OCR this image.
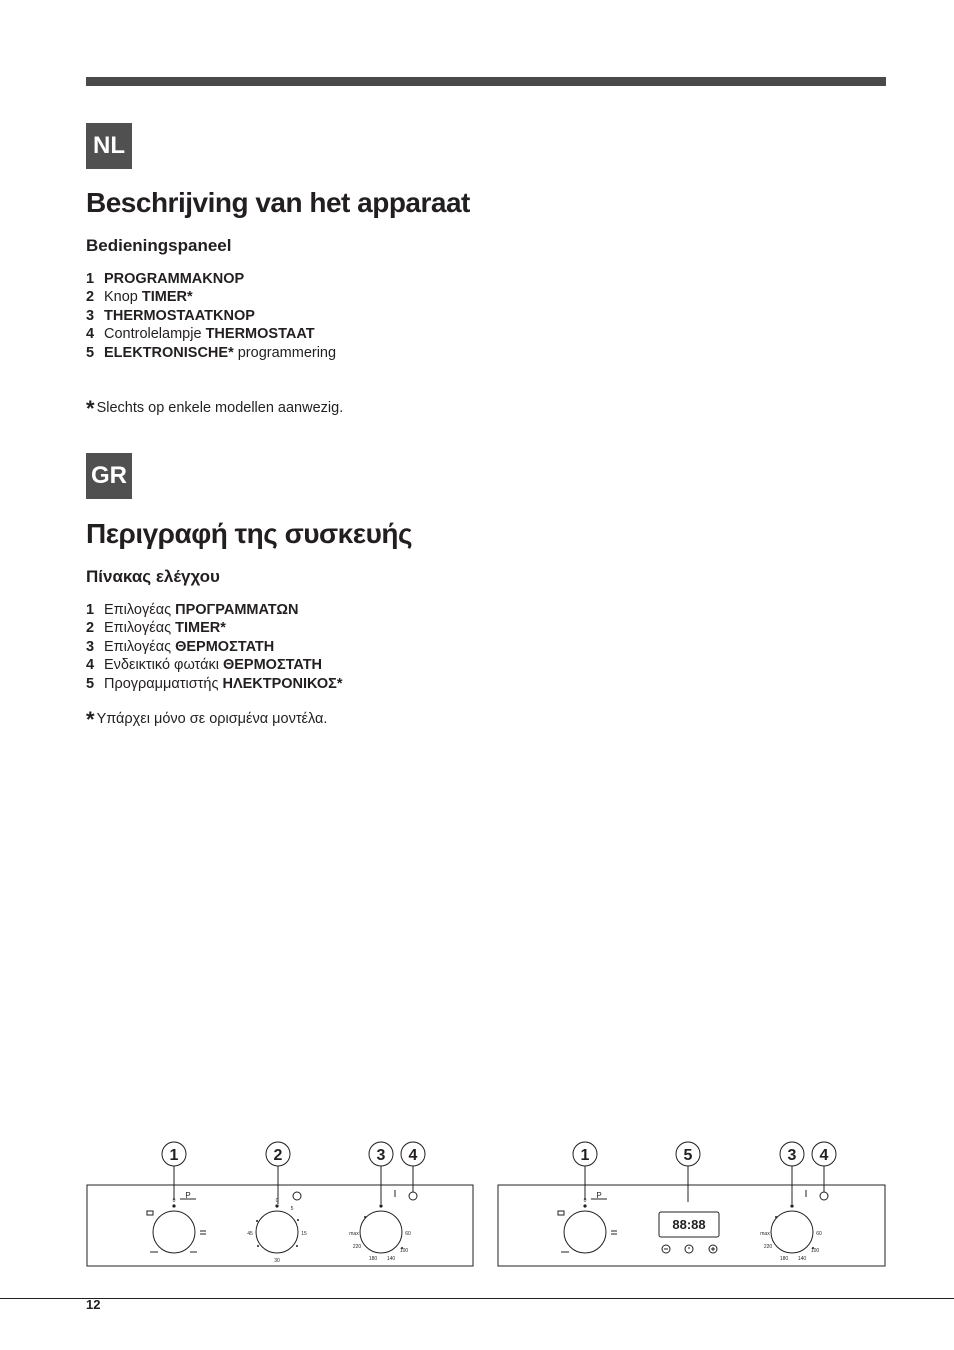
NL
Beschrijving van het apparaat
Bedieningspaneel
1 PROGRAMMAKNOP
2 Knop TIMER*
3 THERMOSTAATKNOP
4 Controlelampje THERMOSTAAT
5 ELEKTRONISCHE* programmering
* Slechts op enkele modellen aanwezig.
GR
Περιγραφή της συσκευής
Πίνακας ελέγχου
1 Επιλογέας ΠΡΟΓΡΑΜΜΑΤΩΝ
2 Επιλογέας TIMER*
3 Επιλογέας ΘΕΡΜΟΣΤΑΤΗ
4 Ενδεικτικό φωτάκι ΘΕΡΜΟΣΤΑΤΗ
5 Προγραμματιστής ΗΛΕΚΤΡΟΝΙΚΟΣ*
* Υπάρχει μόνο σε ορισμένα μοντέλα.
1	2	3 4	1	5	3 4
P	P
0	0
0
5
15
30
45	max	60
100
140
180
220
max	60
100
140
180
220
88:88
12
